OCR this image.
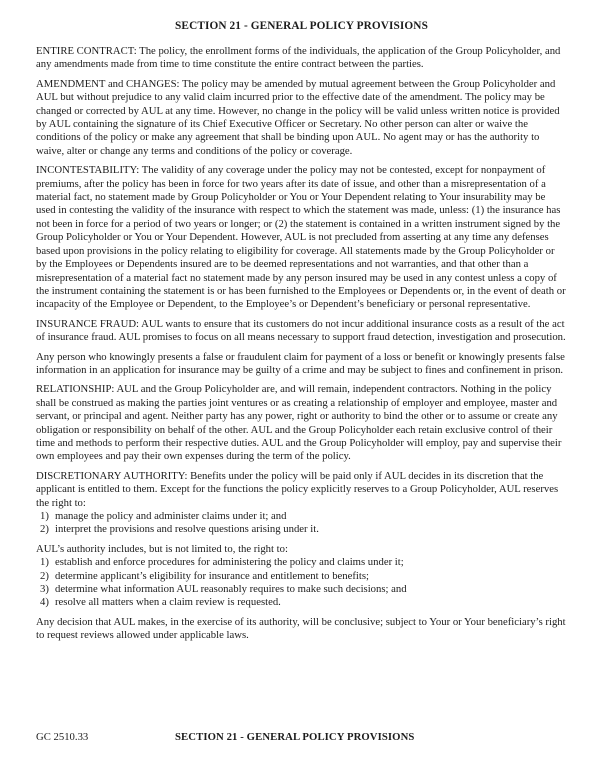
SECTION 21 - GENERAL POLICY PROVISIONS

ENTIRE CONTRACT: The policy, the enrollment forms of the individuals, the application of the Group Policyholder, and any amendments made from time to time constitute the entire contract between the parties.

AMENDMENT and CHANGES: The policy may be amended by mutual agreement between the Group Policyholder and AUL but without prejudice to any valid claim incurred prior to the effective date of the amendment. The policy may be changed or corrected by AUL at any time. However, no change in the policy will be valid unless written notice is provided by AUL containing the signature of its Chief Executive Officer or Secretary. No other person can alter or waive the conditions of the policy or make any agreement that shall be binding upon AUL. No agent may or has the authority to waive, alter or change any terms and conditions of the policy or coverage.

INCONTESTABILITY: The validity of any coverage under the policy may not be contested, except for nonpayment of premiums, after the policy has been in force for two years after its date of issue, and other than a misrepresentation of a material fact, no statement made by Group Policyholder or You or Your Dependent relating to Your insurability may be used in contesting the validity of the insurance with respect to which the statement was made, unless: (1) the insurance has not been in force for a period of two years or longer; or (2) the statement is contained in a written instrument signed by the Group Policyholder or You or Your Dependent. However, AUL is not precluded from asserting at any time any defenses based upon provisions in the policy relating to eligibility for coverage. All statements made by the Group Policyholder or by the Employees or Dependents insured are to be deemed representations and not warranties, and that other than a misrepresentation of a material fact no statement made by any person insured may be used in any contest unless a copy of the instrument containing the statement is or has been furnished to the Employees or Dependents or, in the event of death or incapacity of the Employee or Dependent, to the Employee’s or Dependent’s beneficiary or personal representative.

INSURANCE FRAUD: AUL wants to ensure that its customers do not incur additional insurance costs as a result of the act of insurance fraud. AUL promises to focus on all means necessary to support fraud detection, investigation and prosecution.

Any person who knowingly presents a false or fraudulent claim for payment of a loss or benefit or knowingly presents false information in an application for insurance may be guilty of a crime and may be subject to fines and confinement in prison.

RELATIONSHIP: AUL and the Group Policyholder are, and will remain, independent contractors. Nothing in the policy shall be construed as making the parties joint ventures or as creating a relationship of employer and employee, master and servant, or principal and agent. Neither party has any power, right or authority to bind the other or to assume or create any obligation or responsibility on behalf of the other. AUL and the Group Policyholder each retain exclusive control of their time and methods to perform their respective duties. AUL and the Group Policyholder will employ, pay and supervise their own employees and pay their own expenses during the term of the policy.

DISCRETIONARY AUTHORITY: Benefits under the policy will be paid only if AUL decides in its discretion that the applicant is entitled to them. Except for the functions the policy explicitly reserves to a Group Policyholder, AUL reserves the right to:

1) manage the policy and administer claims under it; and
2) interpret the provisions and resolve questions arising under it.

AUL’s authority includes, but is not limited to, the right to:

1) establish and enforce procedures for administering the policy and claims under it;
2) determine applicant’s eligibility for insurance and entitlement to benefits;
3) determine what information AUL reasonably requires to make such decisions; and
4) resolve all matters when a claim review is requested.

Any decision that AUL makes, in the exercise of its authority, will be conclusive; subject to Your or Your beneficiary’s right to request reviews allowed under applicable laws.

GC 2510.33	SECTION 21 - GENERAL POLICY PROVISIONS
